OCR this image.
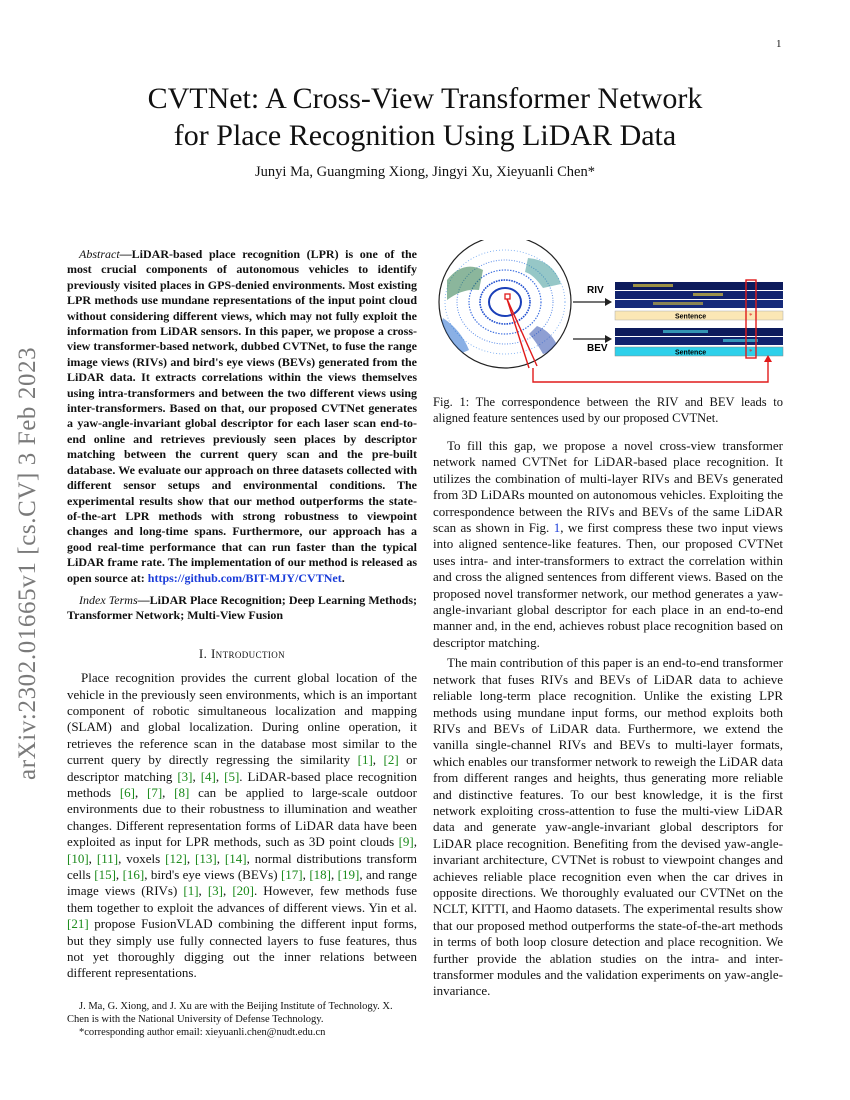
1
arXiv:2302.01665v1 [cs.CV] 3 Feb 2023
CVTNet: A Cross-View Transformer Network
for Place Recognition Using LiDAR Data
Junyi Ma, Guangming Xiong, Jingyi Xu, Xieyuanli Chen*

Abstract—LiDAR-based place recognition (LPR) is one of the most crucial components of autonomous vehicles to identify previously visited places in GPS-denied environments. Most existing LPR methods use mundane representations of the input point cloud without considering different views, which may not fully exploit the information from LiDAR sensors. In this paper, we propose a cross-view transformer-based network, dubbed CVTNet, to fuse the range image views (RIVs) and bird's eye views (BEVs) generated from the LiDAR data. It extracts correlations within the views themselves using intra-transformers and between the two different views using inter-transformers. Based on that, our proposed CVTNet generates a yaw-angle-invariant global descriptor for each laser scan end-to-end online and retrieves previously seen places by descriptor matching between the current query scan and the pre-built database. We evaluate our approach on three datasets collected with different sensor setups and environmental conditions. The experimental results show that our method outperforms the state-of-the-art LPR methods with strong robustness to viewpoint changes and long-time spans. Furthermore, our approach has a good real-time performance that can run faster than the typical LiDAR frame rate. The implementation of our method is released as open source at: https://github.com/BIT-MJY/CVTNet.

Index Terms—LiDAR Place Recognition; Deep Learning Methods; Transformer Network; Multi-View Fusion

I. Introduction

Place recognition provides the current global location of the vehicle in the previously seen environments, which is an important component of robotic simultaneous localization and mapping (SLAM) and global localization. During online operation, it retrieves the reference scan in the database most similar to the current query by directly regressing the similarity [1], [2] or descriptor matching [3], [4], [5]. LiDAR-based place recognition methods [6], [7], [8] can be applied to large-scale outdoor environments due to their robustness to illumination and weather changes. Different representation forms of LiDAR data have been exploited as input for LPR methods, such as 3D point clouds [9], [10], [11], voxels [12], [13], [14], normal distributions transform cells [15], [16], bird's eye views (BEVs) [17], [18], [19], and range image views (RIVs) [1], [3], [20]. However, few methods fuse them together to exploit the advances of different views. Yin et al. [21] propose FusionVLAD combining the different input forms, but they simply use fully connected layers to fuse features, thus not yet thoroughly digging out the inner relations between different representations.

J. Ma, G. Xiong, and J. Xu are with the Beijing Institute of Technology. X. Chen is with the National University of Defense Technology.

*corresponding author email: xieyuanli.chen@nudt.edu.cn

RIV
BEV
Sentence
Sentence
*
*
Fig. 1: The correspondence between the RIV and BEV leads to aligned feature sentences used by our proposed CVTNet.

To fill this gap, we propose a novel cross-view transformer network named CVTNet for LiDAR-based place recognition. It utilizes the combination of multi-layer RIVs and BEVs generated from 3D LiDARs mounted on autonomous vehicles. Exploiting the correspondence between the RIVs and BEVs of the same LiDAR scan as shown in Fig. 1, we first compress these two input views into aligned sentence-like features. Then, our proposed CVTNet uses intra- and inter-transformers to extract the correlation within and cross the aligned sentences from different views. Based on the proposed novel transformer network, our method generates a yaw-angle-invariant global descriptor for each place in an end-to-end manner and, in the end, achieves robust place recognition based on descriptor matching.

The main contribution of this paper is an end-to-end transformer network that fuses RIVs and BEVs of LiDAR data to achieve reliable long-term place recognition. Unlike the existing LPR methods using mundane input forms, our method exploits both RIVs and BEVs of LiDAR data. Furthermore, we extend the vanilla single-channel RIVs and BEVs to multi-layer formats, which enables our transformer network to reweigh the LiDAR data from different ranges and heights, thus generating more reliable and distinctive features. To our best knowledge, it is the first network exploiting cross-attention to fuse the multi-view LiDAR data and generate yaw-angle-invariant global descriptors for LiDAR place recognition. Benefiting from the devised yaw-angle-invariant architecture, CVTNet is robust to viewpoint changes and achieves reliable place recognition even when the car drives in opposite directions. We thoroughly evaluated our CVTNet on the NCLT, KITTI, and Haomo datasets. The experimental results show that our proposed method outperforms the state-of-the-art methods in terms of both loop closure detection and place recognition. We further provide the ablation studies on the intra- and inter-transformer modules and the validation experiments on yaw-angle-invariance.
